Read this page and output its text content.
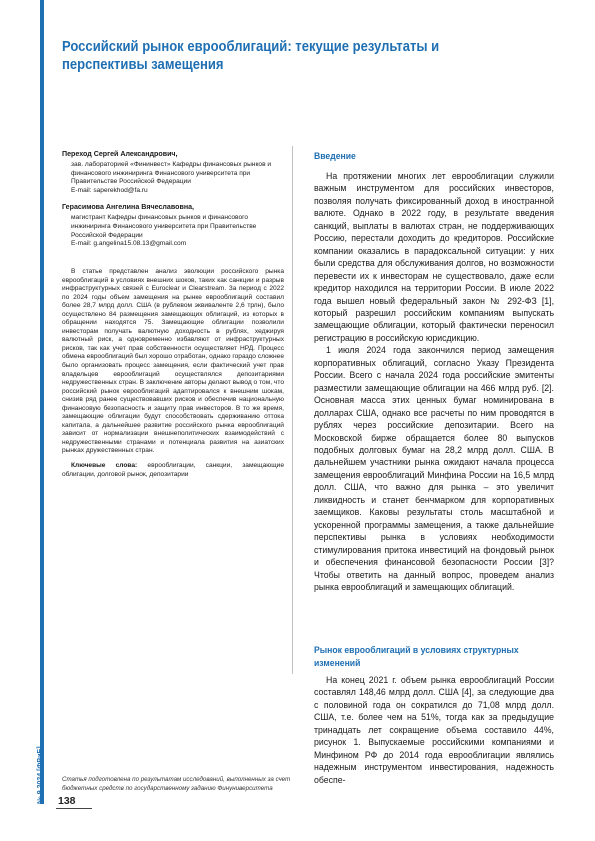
№ 9 2024 [ФРиБ]
Российский рынок еврооблигаций: текущие результаты и перспективы замещения
Переход Сергей Александрович,
зав. лабораторией «Фининвест» Кафедры финансовых рынков и финансового инжиниринга Финансового университета при Правительстве Российской Федерации
E-mail: saperekhod@fa.ru
Герасимова Ангелина Вячеславовна,
магистрант Кафедры финансовых рынков и финансового инжиниринга Финансового университета при Правительстве Российской Федерации
E-mail: g.angelina15.08.13@gmail.com

В статье представлен анализ эволюции российского рынка еврооблигаций в условиях внешних шоков, таких как санкции и разрыв инфраструктурных связей с Euroclear и Clearstream. За период с 2022 по 2024 годы объем замещения на рынке еврооблигаций составил более 28,7 млрд долл. США (в рублевом эквиваленте 2,6 трлн), было осуществлено 84 размещения замещающих облигаций, из которых в обращении находятся 75. Замещающие облигации позволили инвесторам получать валютную доходность в рублях, хеджируя валютный риск, а одновременно избавляют от инфраструктурных рисков, так как учет прав собственности осуществляет НРД. Процесс обмена еврооблигаций был хорошо отработан, однако гораздо сложнее было организовать процесс замещения, если фактический учет прав владельцев еврооблигаций осуществлялся депозитариями недружественных стран. В заключение авторы делают вывод о том, что российский рынок еврооблигаций адаптировался к внешним шокам, снизив ряд ранее существовавших рисков и обеспечив национальную финансовую безопасность и защиту прав инвесторов. В то же время, замещающие облигации будут способствовать сдерживанию оттока капитала, а дальнейшее развитие российского рынка еврооблигаций зависит от нормализации внешнеполитических взаимодействий с недружественными странами и потенциала развития на азиатских рынках дружественных стран.

Ключевые слова: еврооблигации, санкции, замещающие облигации, долговой рынок, депозитарии

Введение

На протяжении многих лет еврооблигации служили важным инструментом для российских инвесторов, позволяя получать фиксированный доход в иностранной валюте. Однако в 2022 году, в результате введения санкций, выплаты в валютах стран, не поддерживающих Россию, перестали доходить до кредиторов. Российские компании оказались в парадоксальной ситуации: у них были средства для обслуживания долгов, но возможности перевести их к инвесторам не существовало, даже если кредитор находился на территории России. В июле 2022 года вышел новый федеральный закон № 292-ФЗ [1], который разрешил российским компаниям выпускать замещающие облигации, который фактически переносил регистрацию в российскую юрисдикцию.

1 июля 2024 года закончился период замещения корпоративных облигаций, согласно Указу Президента России. Всего с начала 2024 года российские эмитенты разместили замещающие облигации на 466 млрд руб. [2]. Основная масса этих ценных бумаг номинирована в долларах США, однако все расчеты по ним проводятся в рублях через российские депозитарии. Всего на Московской бирже обращается более 80 выпусков подобных долговых бумаг на 28,2 млрд долл. США. В дальнейшем участники рынка ожидают начала процесса замещения еврооблигаций Минфина России на 16,5 млрд долл. США, что важно для рынка – это увеличит ликвидность и станет бенчмарком для корпоративных заемщиков. Каковы результаты столь масштабной и ускоренной программы замещения, а также дальнейшие перспективы рынка в условиях необходимости стимулирования притока инвестиций на фондовый рынок и обеспечения финансовой безопасности России [3]? Чтобы ответить на данный вопрос, проведем анализ рынка еврооблигаций и замещающих облигаций.

Рынок еврооблигаций в условиях структурных изменений

На конец 2021 г. объем рынка еврооблигаций России составлял 148,46 млрд долл. США [4], за следующие два с половиной года он сократился до 71,08 млрд долл. США, т.е. более чем на 51%, тогда как за предыдущие тринадцать лет сокращение объема составило 44%, рисунок 1. Выпускаемые российскими компаниями и Минфином РФ до 2014 года еврооблигации являлись надежным инструментом инвестирования, надежность обеспе-

Статья подготовлена по результатам исследований, выполненных за счет бюджетных средств по государственному заданию Финуниверситета

138
